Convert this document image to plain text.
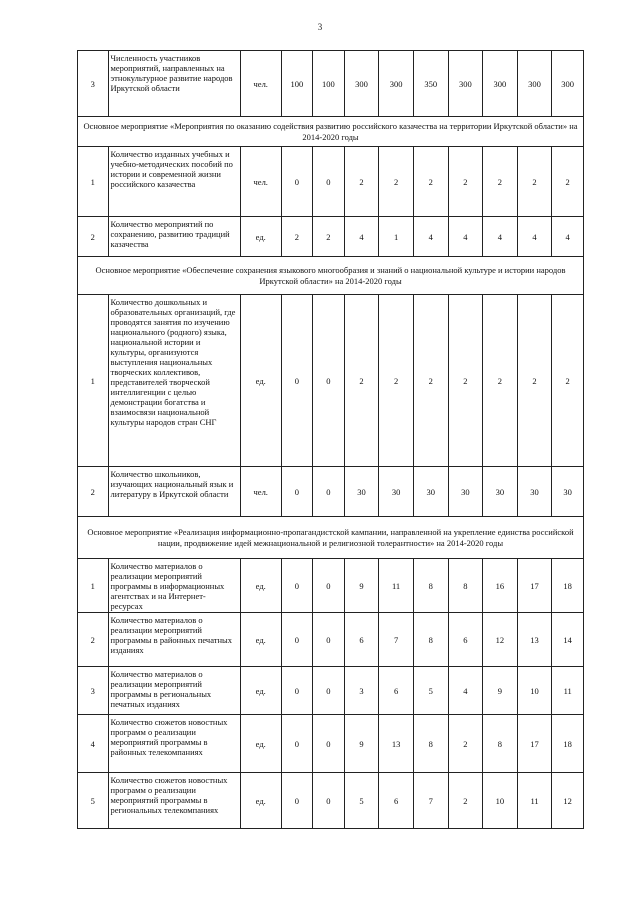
3
3	Численность участников мероприятий, направленных на этнокультурное развитие народов Иркутской области	чел.	100	100	300	300	350	300	300	300	300
Основное мероприятие «Мероприятия по оказанию содействия развитию российского казачества на территории Иркутской области» на 2014-2020 годы											
1	Количество изданных учебных и учебно-методических пособий по истории и современной жизни российского казачества	чел.	0	0	2	2	2	2	2	2	2
2	Количество мероприятий по сохранению, развитию традиций казачества	ед.	2	2	4	1	4	4	4	4	4
Основное мероприятие «Обеспечение сохранения языкового многообразия и знаний о национальной культуре и истории народов Иркутской области» на 2014-2020 годы											
1	Количество дошкольных и образовательных организаций, где проводятся занятия по изучению национального (родного) языка, национальной истории и культуры, организуются выступления национальных творческих коллективов, представителей творческой интеллигенции с целью демонстрации богатства и взаимосвязи национальной культуры народов стран СНГ	ед.	0	0	2	2	2	2	2	2	2
2	Количество школьников, изучающих национальный язык и литературу в Иркутской области	чел.	0	0	30	30	30	30	30	30	30
Основное мероприятие «Реализация информационно-пропагандистской кампании, направленной на укрепление единства российской нации, продвижение идей межнациональной и религиозной толерантности» на 2014-2020 годы											
1	Количество материалов о реализации мероприятий программы в информационных агентствах и на Интернет-ресурсах	ед.	0	0	9	11	8	8	16	17	18
2	Количество материалов о реализации мероприятий программы в районных печатных изданиях	ед.	0	0	6	7	8	6	12	13	14
3	Количество материалов о реализации мероприятий программы в региональных печатных изданиях	ед.	0	0	3	6	5	4	9	10	11
4	Количество сюжетов новостных программ о реализации мероприятий программы в районных телекомпаниях	ед.	0	0	9	13	8	2	8	17	18
5	Количество сюжетов новостных программ о реализации мероприятий программы в региональных телекомпаниях	ед.	0	0	5	6	7	2	10	11	12
